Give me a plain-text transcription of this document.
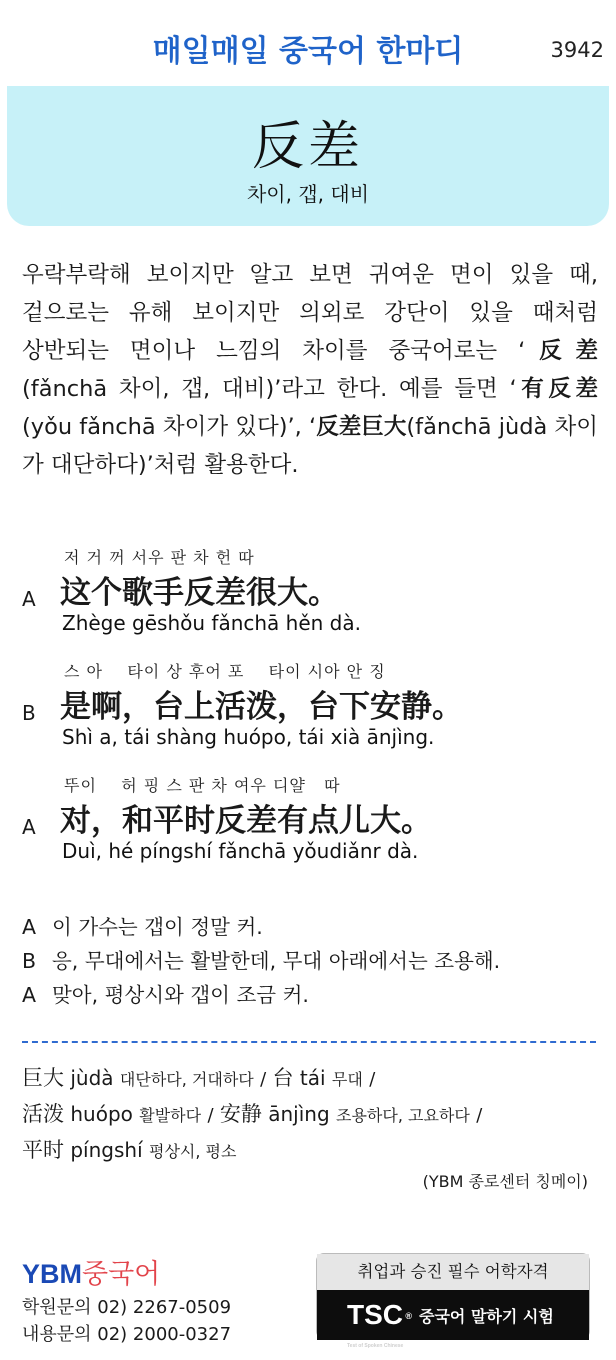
매일매일 중국어 한마디	3942
反差
차이, 갭, 대비
우락부락해 보이지만 알고 보면 귀여운 면이 있을 때,
겉으로는 유해 보이지만 의외로 강단이 있을 때처럼
상반되는 면이나 느낌의 차이를 중국어로는 ‘反差
(fǎnchā 차이, 갭, 대비)’라고 한다. 예를 들면 ‘有反差
(yǒu fǎnchā 차이가 있다)’, ‘反差巨大(fǎnchā jùdà 차이
가 대단하다)’처럼 활용한다.
A
저 거 꺼 서우 판 차 헌 따
这个歌手反差很大。
Zhège gēshǒu fǎnchā hěn dà.
B
스 아    타이 상 후어 포    타이 시아 안 징
是啊，台上活泼，台下安静。
Shì a, tái shàng huópo, tái xià ānjìng.
A
뚜이    허 핑 스 판 차 여우 디얄   따
对，和平时反差有点儿大。
Duì, hé píngshí fǎnchā yǒudiǎnr dà.
A 이 가수는 갭이 정말 커.
B 응, 무대에서는 활발한데, 무대 아래에서는 조용해.
A 맞아, 평상시와 갭이 조금 커.
巨大 jùdà 대단하다, 거대하다 / 台 tái 무대 /
活泼 huópo 활발하다 / 安静 ānjìng 조용하다, 고요하다 /
平时 píngshí 평상시, 평소
(YBM 종로센터 칭메이)
YBM중국어
학원문의 02) 2267-0509
내용문의 02) 2000-0327
취업과 승진 필수 어학자격
TSC ®
Test of Spoken Chinese
중국어 말하기 시험
